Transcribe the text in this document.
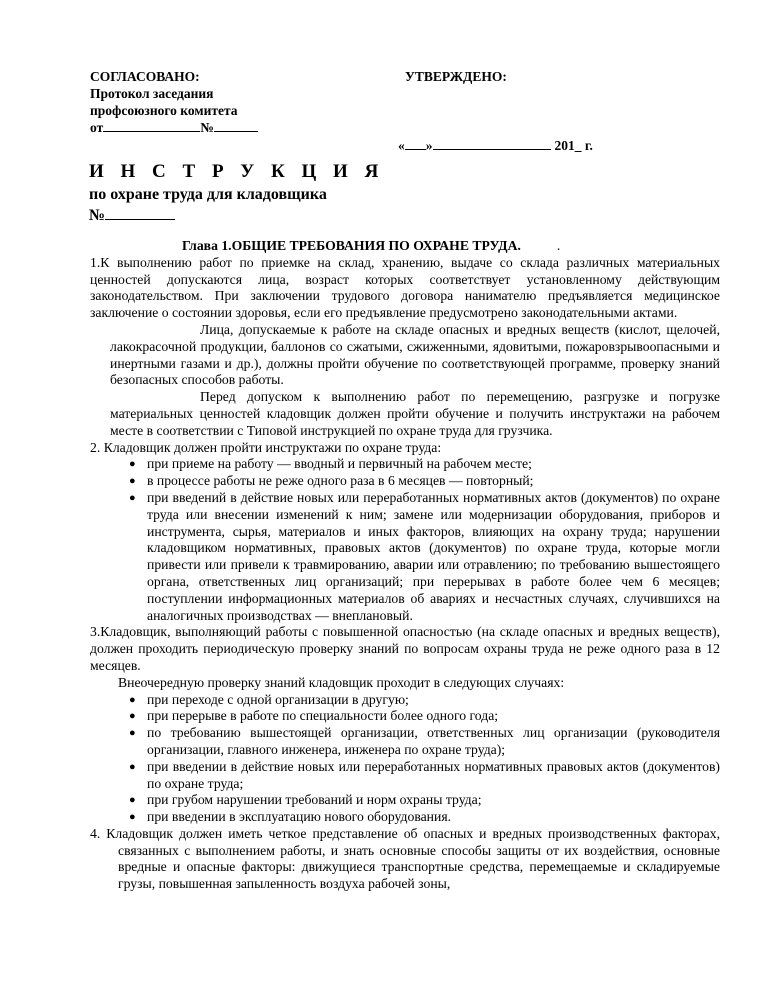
СОГЛАСОВАНО:
Протокол заседания
профсоюзного комитета
от	№
УТВЕРЖДЕНО:
« »	201_ г.
И Н С Т Р У К Ц И Я
по охране труда для кладовщика
№
Глава 1.ОБЩИЕ ТРЕБОВАНИЯ ПО ОХРАНЕ ТРУДА.	.

1.К выполнению работ по приемке на склад, хранению, выдаче со склада различных материальных ценностей допускаются лица, возраст которых соответствует установленному действующим законодательством. При заключении трудового договора нанимателю предъявляется медицинское заключение о состоянии здоровья, если его предъявление предусмотрено законодательными актами.

Лица, допускаемые к работе на складе опасных и вредных веществ (кислот, щелочей, лакокрасочной продукции, баллонов со сжатыми, сжиженными, ядовитыми, пожаровзрывоопасными и инертными газами и др.), должны пройти обучение по соответствующей программе, проверку знаний безопасных способов работы.

Перед допуском к выполнению работ по перемещению, разгрузке и погрузке материальных ценностей кладовщик должен пройти обучение и получить инструктажи на рабочем месте в соответствии с Типовой инструкцией по охране труда для грузчика.

2. Кладовщик должен пройти инструктажи по охране труда:

● при приеме на работу — вводный и первичный на рабочем месте;
● в процессе работы не реже одного раза в 6 месяцев — повторный;
● при введений в действие новых или переработанных нормативных актов (документов) по охране труда или внесении изменений к ним; замене или модернизации оборудования, приборов и инструмента, сырья, материалов и иных факторов, влияющих на охрану труда; нарушении кладовщиком нормативных, правовых актов (документов) по охране труда, которые могли привести или привели к травмированию, аварии или отравлению; по требованию вышестоящего органа, ответственных лиц организаций; при перерывах в работе более чем 6 месяцев; поступлении информационных материалов об авариях и несчастных случаях, случившихся на аналогичных производствах — внеплановый.

3.Кладовщик, выполняющий работы с повышенной опасностью (на складе опасных и вредных веществ), должен проходить периодическую проверку знаний по вопросам охраны труда не реже одного раза в 12 месяцев.

Внеочередную проверку знаний кладовщик проходит в следующих случаях:

● при переходе с одной организации в другую;
● при перерыве в работе по специальности более одного года;
● по требованию вышестоящей организации, ответственных лиц организации (руководителя организации, главного инженера, инженера по охране труда);
● при введении в действие новых или переработанных нормативных правовых актов (документов) по охране труда;
● при грубом нарушении требований и норм охраны труда;
● при введении в эксплуатацию нового оборудования.

4. Кладовщик должен иметь четкое представление об опасных и вредных производственных факторах, связанных с выполнением работы, и знать основные способы защиты от их воздействия, основные вредные и опасные факторы: движущиеся транспортные средства, перемещаемые и складируемые грузы, повышенная запыленность воздуха рабочей зоны,
